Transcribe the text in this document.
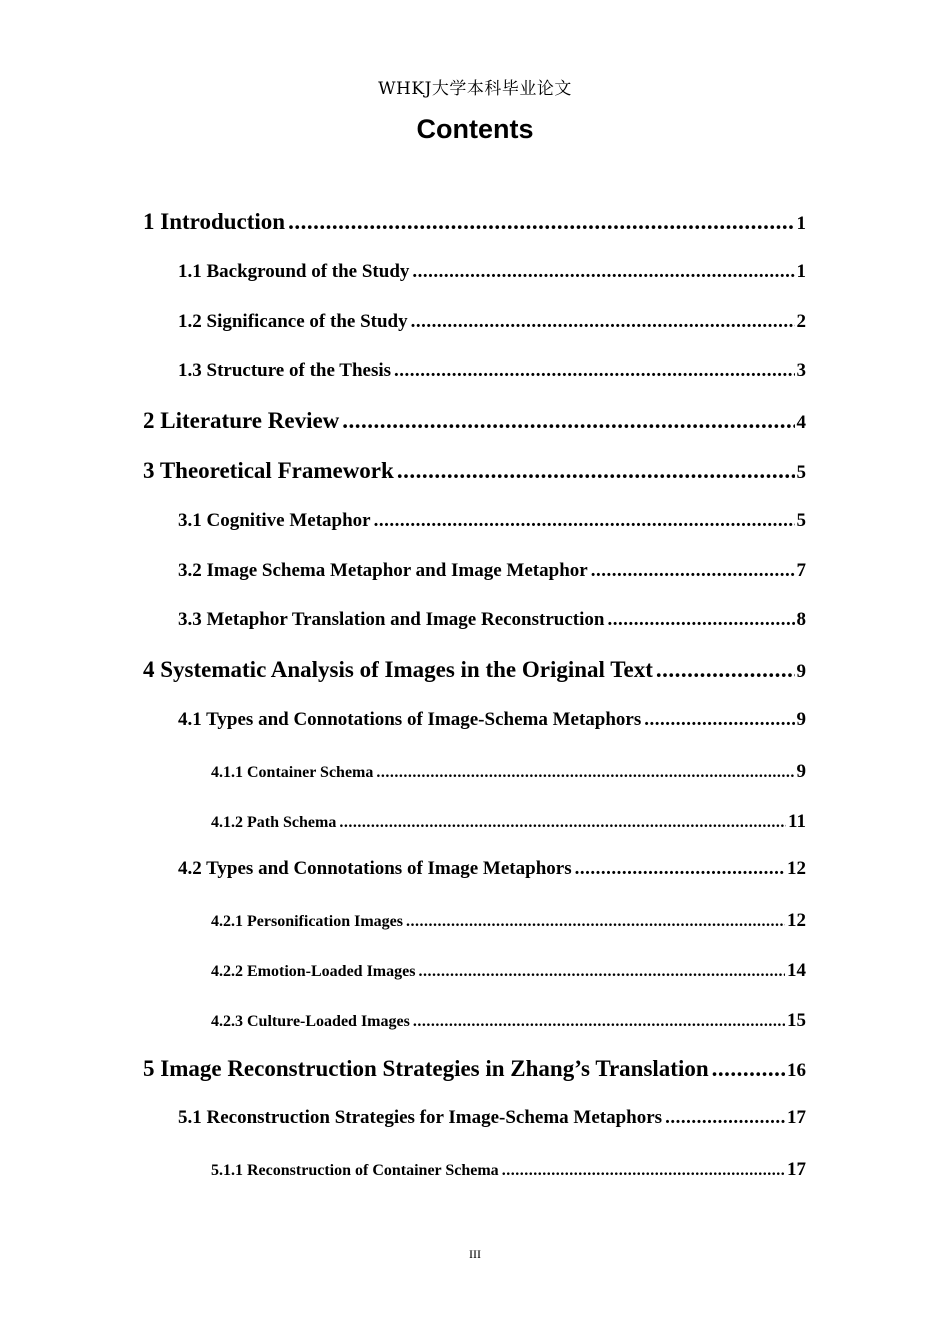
WHKJ大学本科毕业论文
Contents
1 Introduction .....	1
1.1 Background of the Study .....	1
1.2 Significance of the Study .....	2
1.3 Structure of the Thesis .....	3
2 Literature Review .....	4
3 Theoretical Framework .....	5
3.1 Cognitive Metaphor .....	5
3.2 Image Schema Metaphor and Image Metaphor .....	7
3.3 Metaphor Translation and Image Reconstruction .....	8
4 Systematic Analysis of Images in the Original Text .....	9
4.1 Types and Connotations of Image-Schema Metaphors .....	9
4.1.1 Container Schema .....	9
4.1.2 Path Schema .....	11
4.2 Types and Connotations of Image Metaphors .....	12
4.2.1 Personification Images .....	12
4.2.2 Emotion-Loaded Images .....	14
4.2.3 Culture-Loaded Images .....	15
5 Image Reconstruction Strategies in Zhang’s Translation .....	16
5.1 Reconstruction Strategies for Image-Schema Metaphors .....	17
5.1.1 Reconstruction of Container Schema .....	17
III
